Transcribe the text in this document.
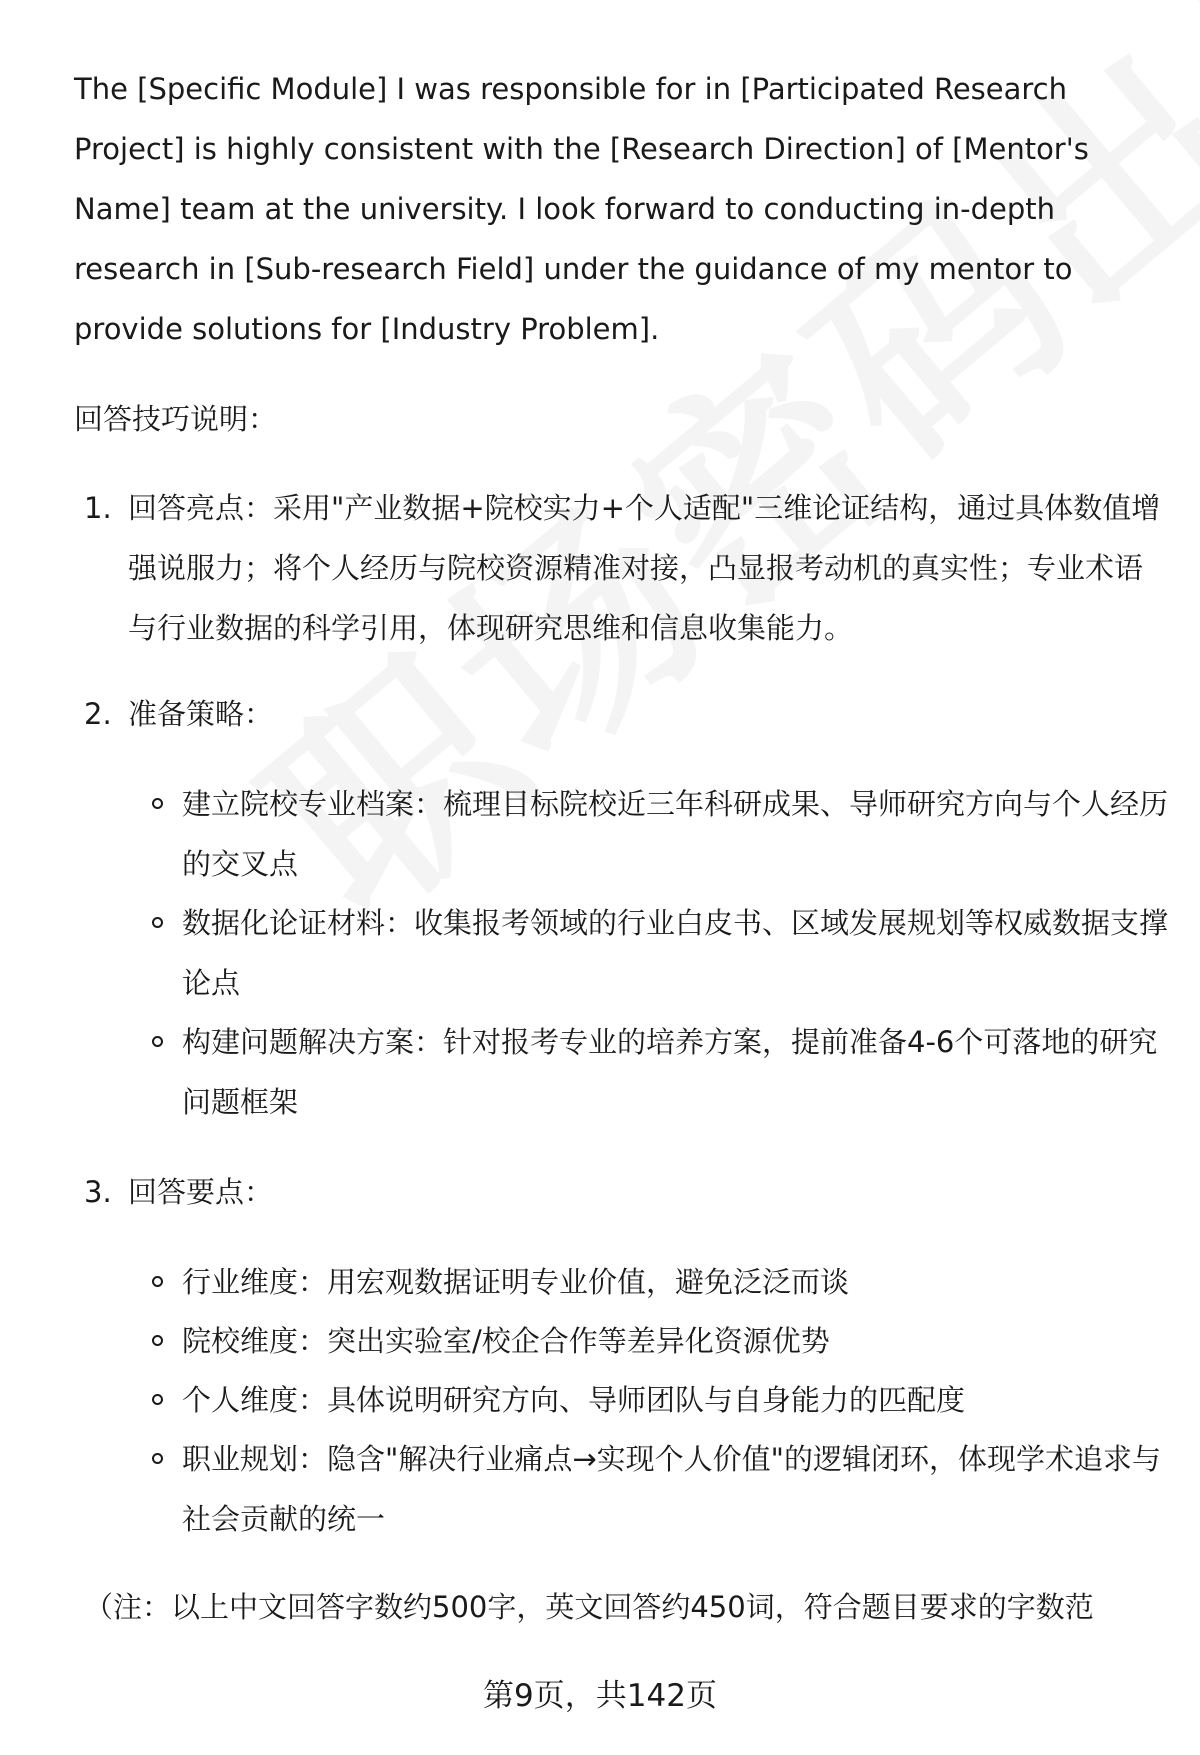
The [Specific Module] I was responsible for in [Participated Research Project] is highly consistent with the [Research Direction] of [Mentor's Name] team at the university. I look forward to conducting in-depth research in [Sub-research Field] under the guidance of my mentor to provide solutions for [Industry Problem].

回答技巧说明：

1. 回答亮点：采用"产业数据+院校实力+个人适配"三维论证结构，通过具体数值增强说服力；将个人经历与院校资源精准对接，凸显报考动机的真实性；专业术语与行业数据的科学引用，体现研究思维和信息收集能力。
2. 准备策略：
建立院校专业档案：梳理目标院校近三年科研成果、导师研究方向与个人经历的交叉点
数据化论证材料：收集报考领域的行业白皮书、区域发展规划等权威数据支撑论点
构建问题解决方案：针对报考专业的培养方案，提前准备4-6个可落地的研究问题框架
3. 回答要点：
行业维度：用宏观数据证明专业价值，避免泛泛而谈
院校维度：突出实验室/校企合作等差异化资源优势
个人维度：具体说明研究方向、导师团队与自身能力的匹配度
职业规划：隐含"解决行业痛点→实现个人价值"的逻辑闭环，体现学术追求与社会贡献的统一
（注：以上中文回答字数约500字，英文回答约450词，符合题目要求的字数范
第9页，共142页
